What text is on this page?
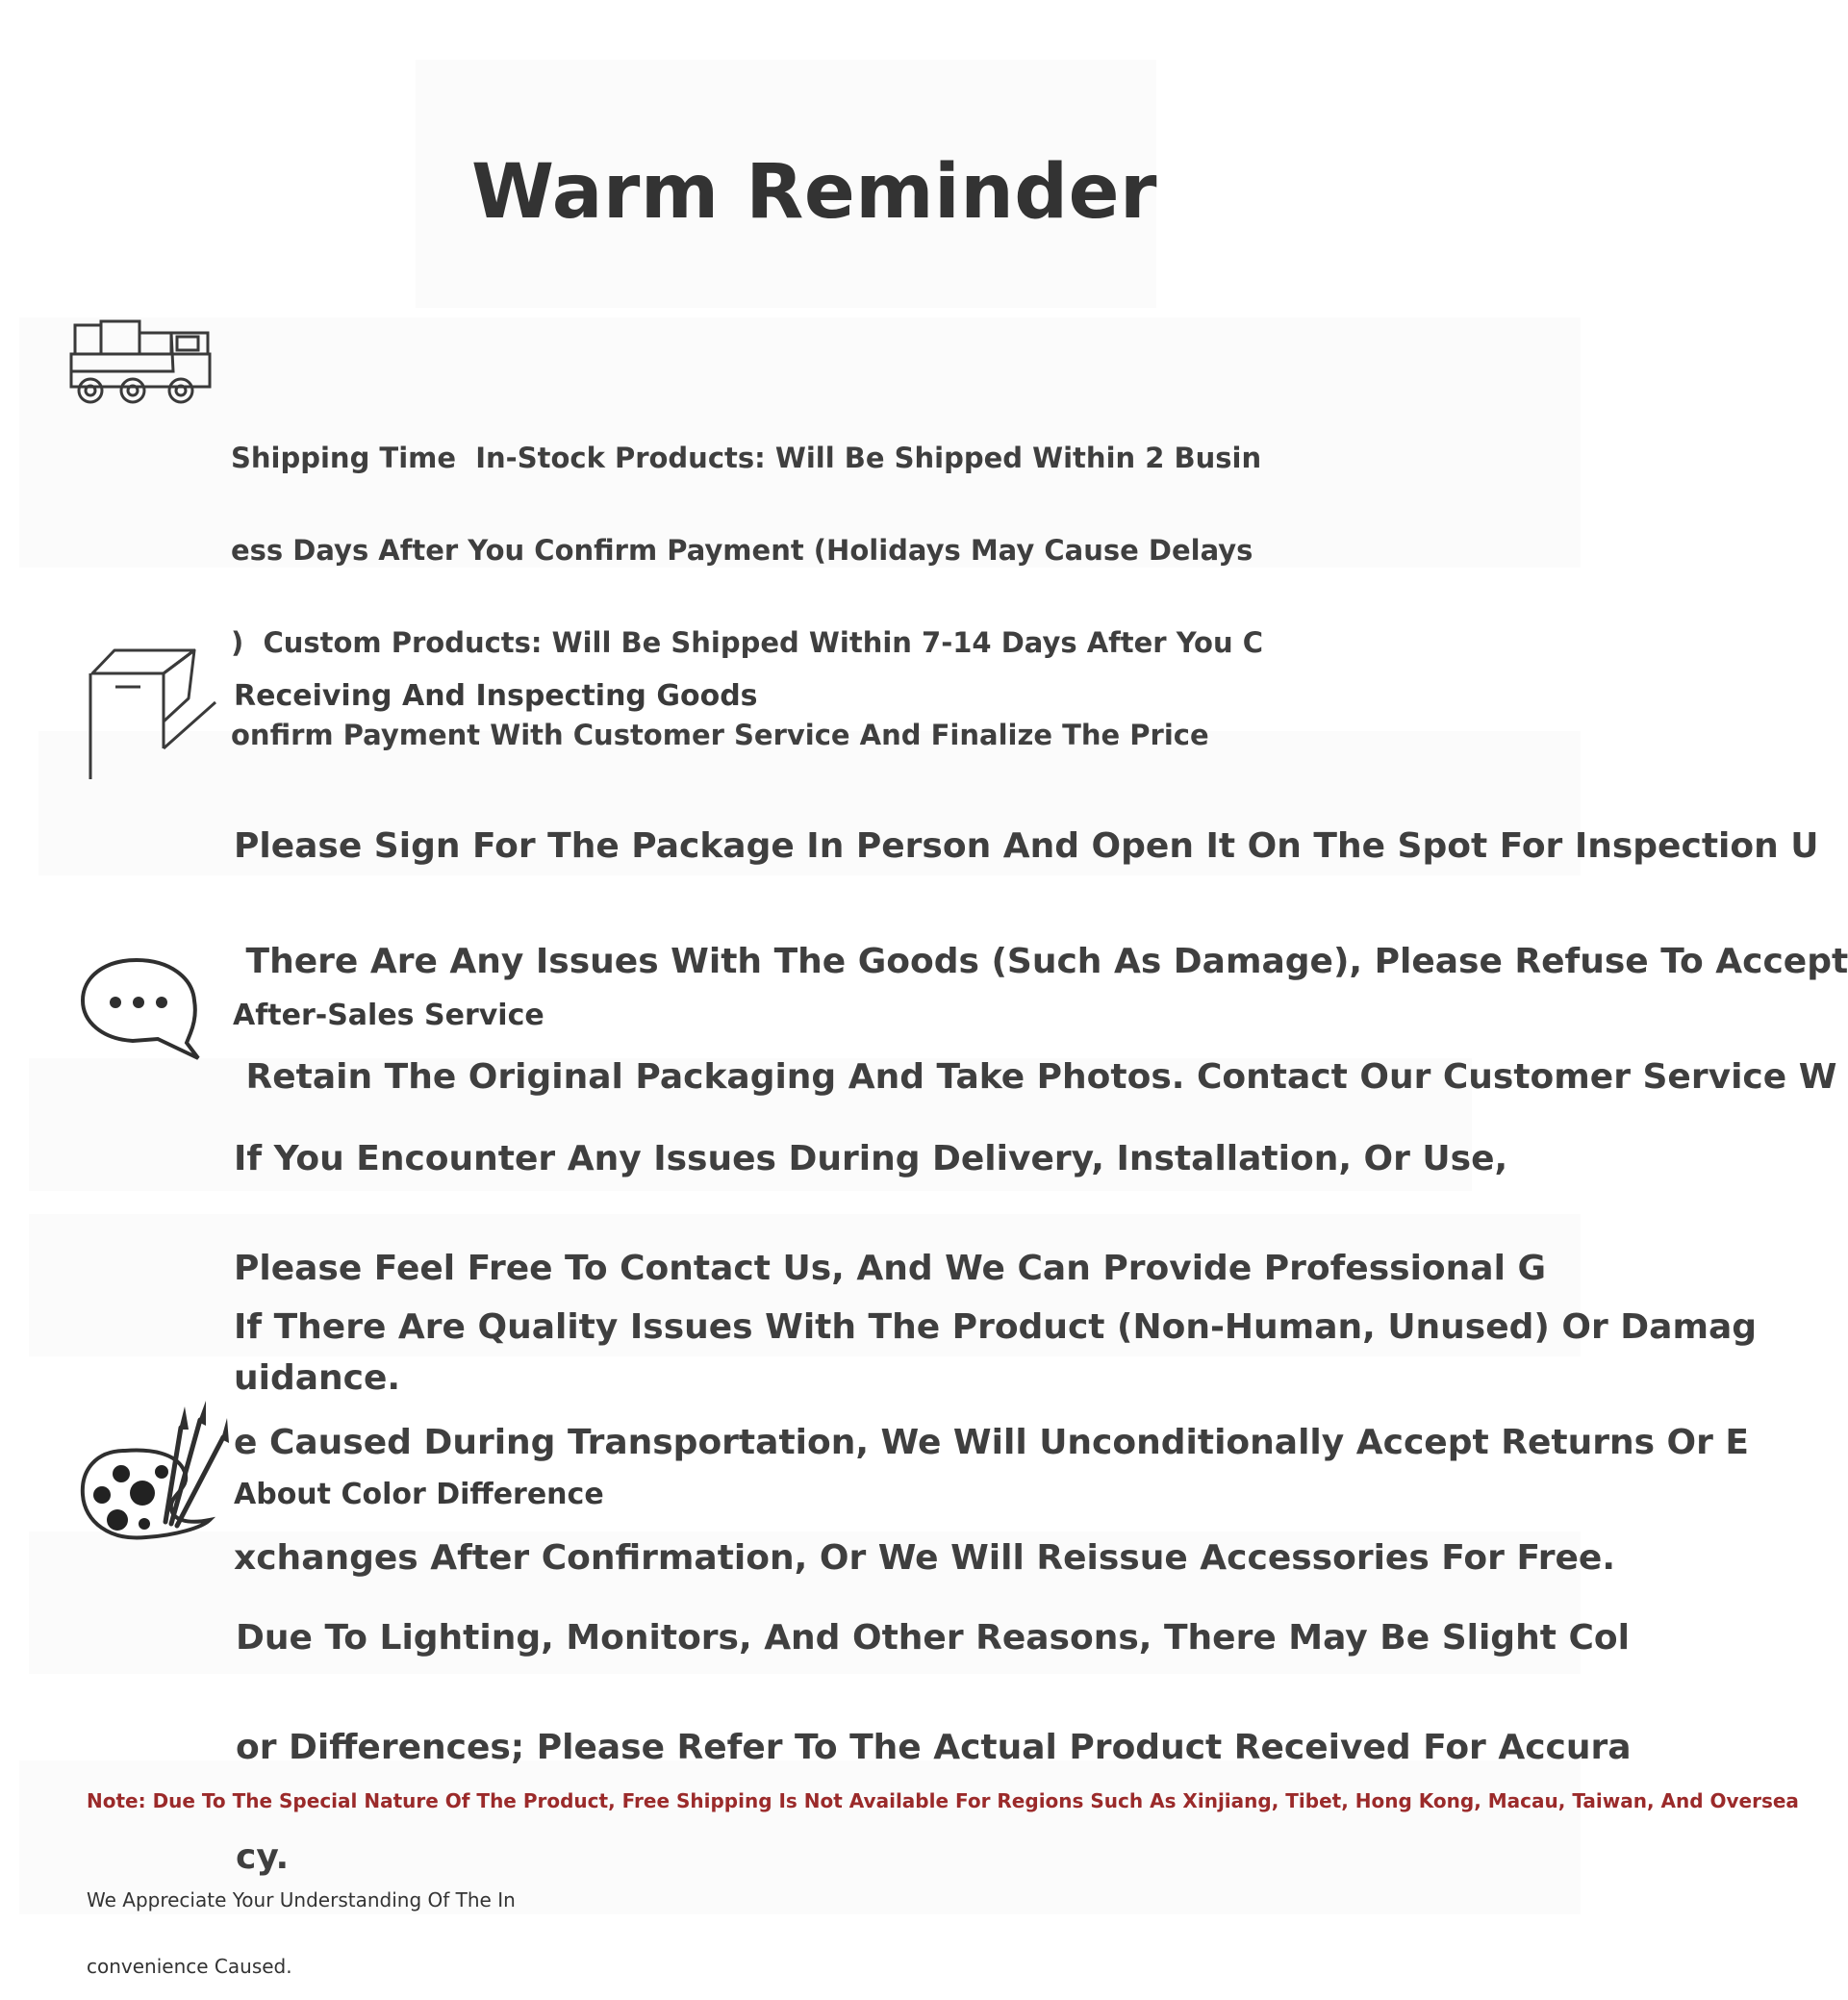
Warm Reminder

Shipping Time  In-Stock Products: Will Be Shipped Within 2 Busin

ess Days After You Confirm Payment (Holidays May Cause Delays

)  Custom Products: Will Be Shipped Within 7-14 Days After You C

onfirm Payment With Customer Service And Finalize The Price

Receiving And Inspecting Goods

Please Sign For The Package In Person And Open It On The Spot For Inspection U

There Are Any Issues With The Goods (Such As Damage), Please Refuse To Accept

Retain The Original Packaging And Take Photos. Contact Our Customer Service W

After-Sales Service

If You Encounter Any Issues During Delivery, Installation, Or Use,

Please Feel Free To Contact Us, And We Can Provide Professional G

uidance.

If There Are Quality Issues With The Product (Non-Human, Unused) Or Damag

e Caused During Transportation, We Will Unconditionally Accept Returns Or E

xchanges After Confirmation, Or We Will Reissue Accessories For Free.

About Color Difference

Due To Lighting, Monitors, And Other Reasons, There May Be Slight Col

or Differences; Please Refer To The Actual Product Received For Accura

cy.

Note: Due To The Special Nature Of The Product, Free Shipping Is Not Available For Regions Such As Xinjiang, Tibet, Hong Kong, Macau, Taiwan, And Oversea

We Appreciate Your Understanding Of The In

convenience Caused.
